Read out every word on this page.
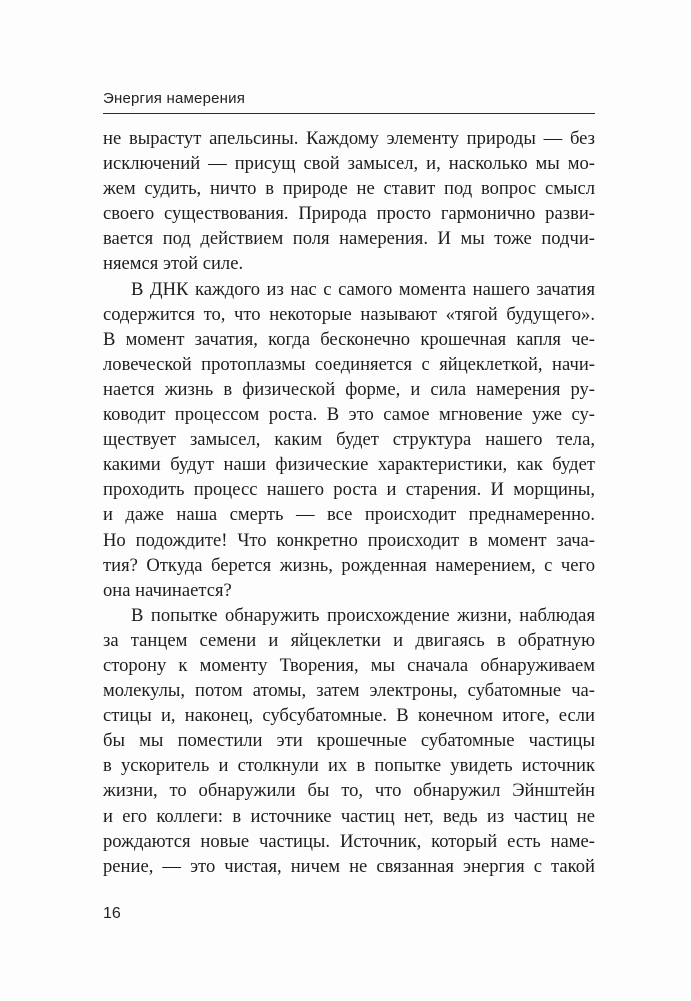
Энергия намерения
не вырастут апельсины. Каждому элементу природы — без
исключений — присущ свой замысел, и, насколько мы мо-
жем судить, ничто в природе не ставит под вопрос смысл
своего существования. Природа просто гармонично разви-
вается под действием поля намерения. И мы тоже подчи-
няемся этой силе.
В ДНК каждого из нас с самого момента нашего зачатия
содержится то, что некоторые называют «тягой будущего».
В момент зачатия, когда бесконечно крошечная капля че-
ловеческой протоплазмы соединяется с яйцеклеткой, начи-
нается жизнь в физической форме, и сила намерения ру-
ководит процессом роста. В это самое мгновение уже су-
ществует замысел, каким будет структура нашего тела,
какими будут наши физические характеристики, как будет
проходить процесс нашего роста и старения. И морщины,
и даже наша смерть — все происходит преднамеренно.
Но подождите! Что конкретно происходит в момент зача-
тия? Откуда берется жизнь, рожденная намерением, с чего
она начинается?
В попытке обнаружить происхождение жизни, наблюдая
за танцем семени и яйцеклетки и двигаясь в обратную
сторону к моменту Творения, мы сначала обнаруживаем
молекулы, потом атомы, затем электроны, субатомные ча-
стицы и, наконец, субсубатомные. В конечном итоге, если
бы мы поместили эти крошечные субатомные частицы
в ускоритель и столкнули их в попытке увидеть источник
жизни, то обнаружили бы то, что обнаружил Эйнштейн
и его коллеги: в источнике частиц нет, ведь из частиц не
рождаются новые частицы. Источник, который есть наме-
рение, — это чистая, ничем не связанная энергия с такой
16
